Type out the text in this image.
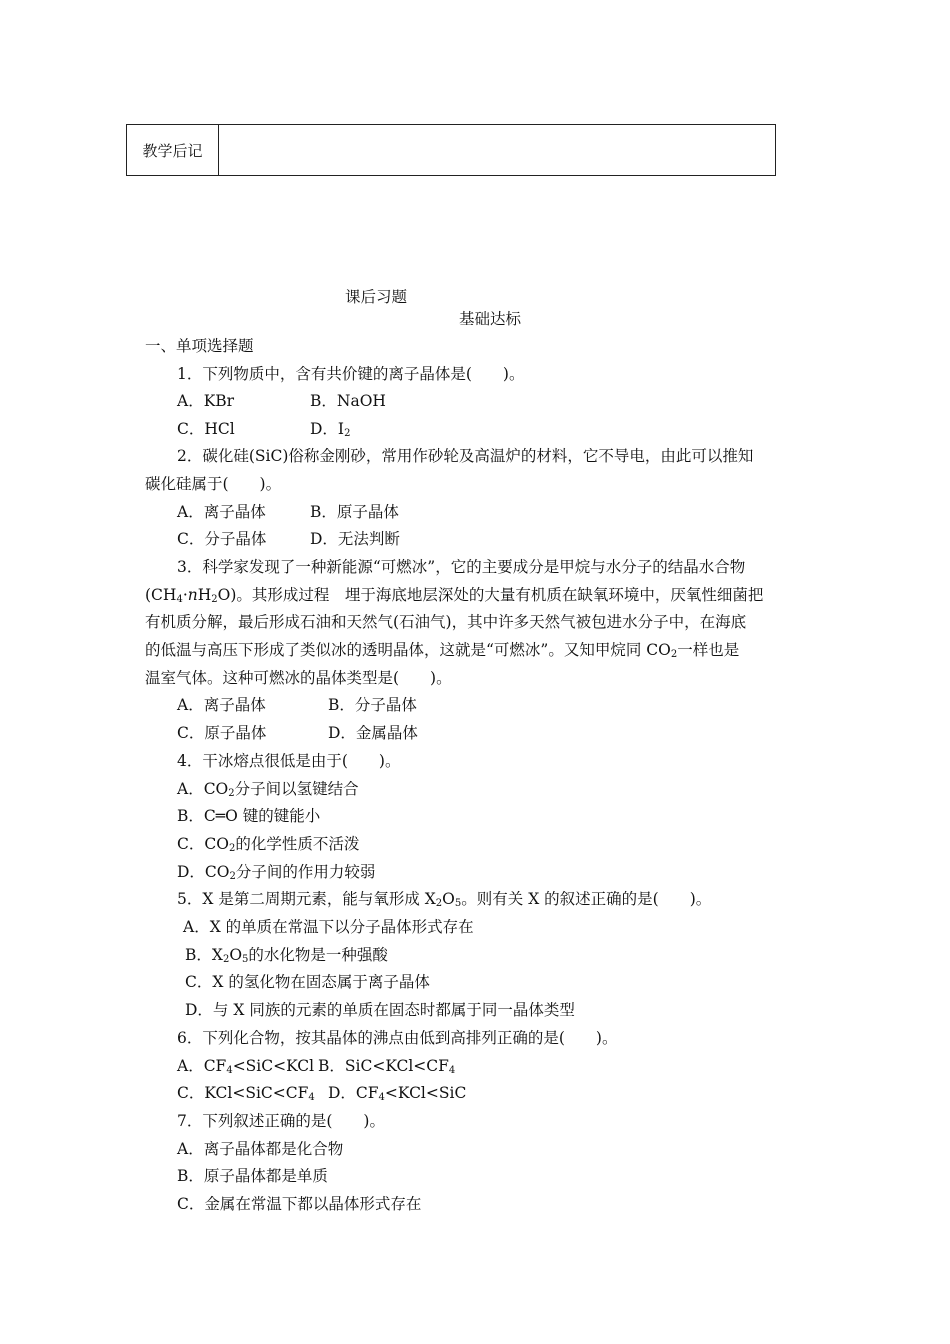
教学后记
课后习题
基础达标
一、单项选择题
1．下列物质中，含有共价键的离子晶体是(　　)。
A．KBr	B．NaOH
C．HCl	D．$I_2$
2．碳化硅(SiC)俗称金刚砂，常用作砂轮及高温炉的材料，它不导电，由此可以推知
碳化硅属于(　　)。
A．离子晶体	B．原子晶体
C．分子晶体	D．无法判断
3．科学家发现了一种新能源“可燃冰”，它的主要成分是甲烷与水分子的结晶水合物
$(CH_4\cdot nH_2O)$。其形成过程　埋于海底地层深处的大量有机质在缺氧环境中，厌氧性细菌把
有机质分解，最后形成石油和天然气(石油气)，其中许多天然气被包进水分子中，在海底
的低温与高压下形成了类似冰的透明晶体，这就是“可燃冰”。又知甲烷同 $CO_2$一样也是
温室气体。这种可燃冰的晶体类型是(　　)。
A．离子晶体	B．分子晶体
C．原子晶体	D．金属晶体
4．干冰熔点很低是由于(　　)。
A．$CO_2$分子间以氢键结合
B．C═O 键的键能小
C．$CO_2$的化学性质不活泼
D．$CO_2$分子间的作用力较弱
5．X 是第二周期元素，能与氧形成 $X_2O_5$。则有关 X 的叙述正确的是(　　)。
A．X 的单质在常温下以分子晶体形式存在
B．$X_2O_5$的水化物是一种强酸
C．X 的氢化物在固态属于离子晶体
D．与 X 同族的元素的单质在固态时都属于同一晶体类型
6．下列化合物，按其晶体的沸点由低到高排列正确的是(　　)。
A．$CF_4<SiC<KCl$ B．$SiC<KCl<CF_4$
C．$KCl<SiC<CF_4$ D．$CF_4<KCl<SiC$
7．下列叙述正确的是(　　)。
A．离子晶体都是化合物
B．原子晶体都是单质
C．金属在常温下都以晶体形式存在
